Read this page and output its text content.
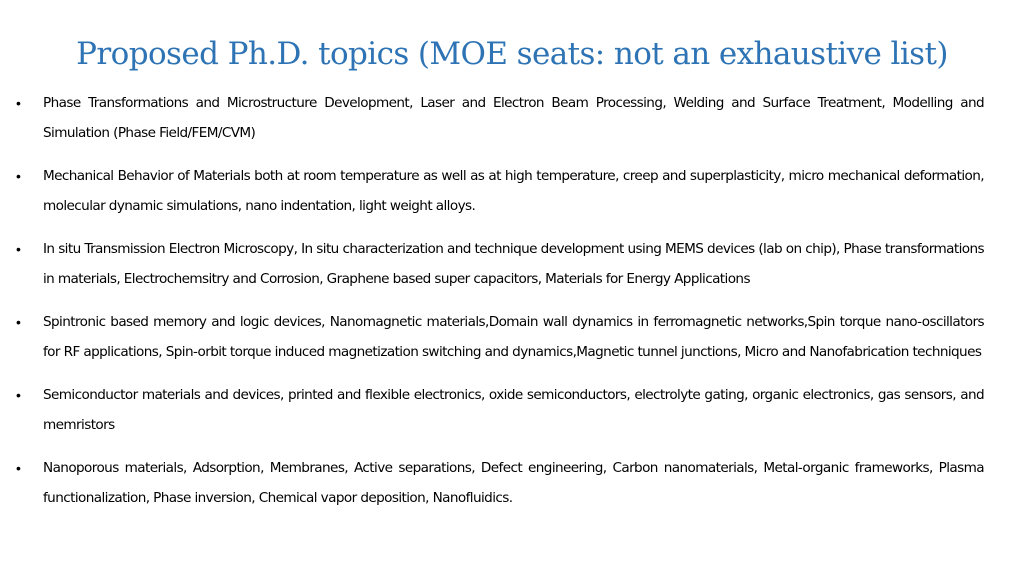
Proposed Ph.D. topics (MOE seats: not an exhaustive list)
•	Phase Transformations and Microstructure Development, Laser and Electron Beam Processing, Welding and Surface Treatment, Modelling and Simulation (Phase Field/FEM/CVM)
•	Mechanical Behavior of Materials both at room temperature as well as at high temperature, creep and superplasticity, micro mechanical deformation, molecular dynamic simulations, nano indentation, light weight alloys.
•	In situ Transmission Electron Microscopy, In situ characterization and technique development using MEMS devices (lab on chip), Phase transformations in materials, Electrochemsitry and Corrosion, Graphene based super capacitors, Materials for Energy Applications
•	Spintronic based memory and logic devices, Nanomagnetic materials,Domain wall dynamics in ferromagnetic networks,Spin torque nano-oscillators for RF applications, Spin-orbit torque induced magnetization switching and dynamics,Magnetic tunnel junctions, Micro and Nanofabrication techniques
•	Semiconductor materials and devices, printed and flexible electronics, oxide semiconductors, electrolyte gating, organic electronics, gas sensors, and memristors
•	Nanoporous materials, Adsorption, Membranes, Active separations, Defect engineering, Carbon nanomaterials, Metal-organic frameworks, Plasma functionalization, Phase inversion, Chemical vapor deposition, Nanofluidics.
